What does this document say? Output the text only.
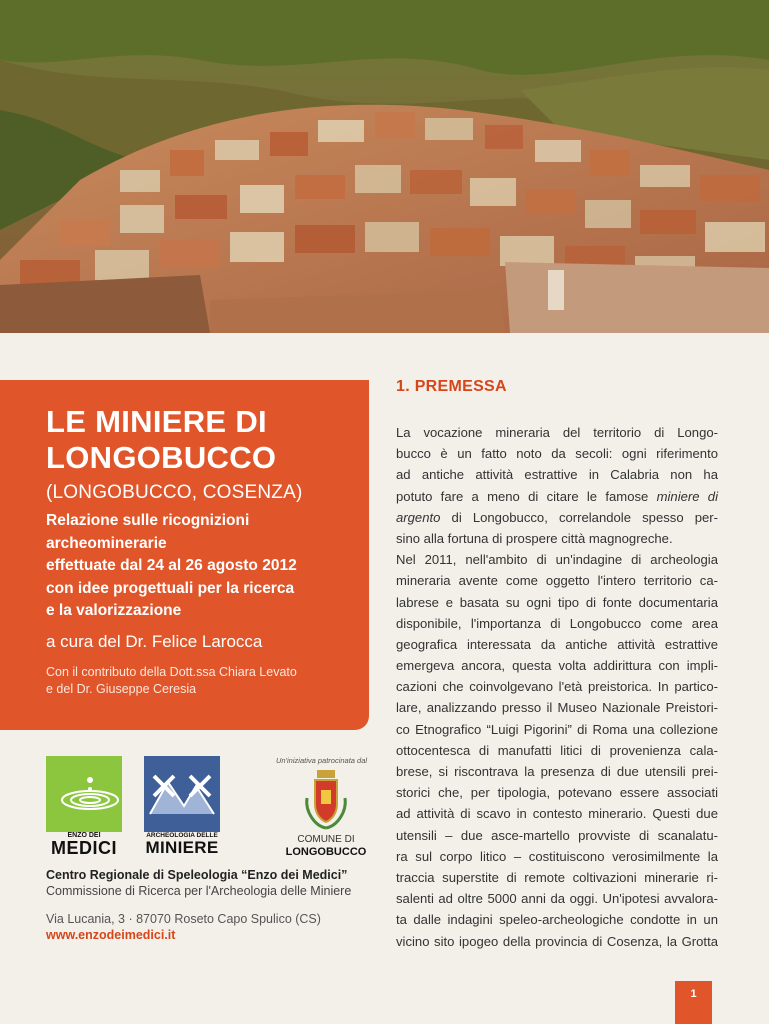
LE MINIERE DI
LONGOBUCCO
(LONGOBUCCO, COSENZA)
Relazione sulle ricognizioni
archeominerarie
effettuate dal 24 al 26 agosto 2012
con idee progettuali per la ricerca
e la valorizzazione
a cura del Dr. Felice Larocca
Con il contributo della Dott.ssa Chiara Levato
e del Dr. Giuseppe Ceresia
ENZO DEI
MEDICI
ARCHEOLOGIA DELLE
MINIERE
Un'iniziativa patrocinata dal
COMUNE DI
LONGOBUCCO
Centro Regionale di Speleologia “Enzo dei Medici”
Commissione di Ricerca per l'Archeologia delle Miniere
Via Lucania, 3 · 87070 Roseto Capo Spulico (CS)
www.enzodeimedici.it
1. PREMESSA
La vocazione mineraria del territorio di Longo-
bucco è un fatto noto da secoli: ogni riferimento
ad antiche attività estrattive in Calabria non ha
potuto fare a meno di citare le famose miniere di
argento di Longobucco, correlandole spesso per-
sino alla fortuna di prospere città magnogreche.
Nel 2011, nell'ambito di un'indagine di archeologia
mineraria avente come oggetto l'intero territorio ca-
labrese e basata su ogni tipo di fonte documentaria
disponibile, l'importanza di Longobucco come area
geografica interessata da antiche attività estrattive
emergeva ancora, questa volta addirittura con impli-
cazioni che coinvolgevano l'età preistorica. In partico-
lare, analizzando presso il Museo Nazionale Preistori-
co Etnografico “Luigi Pigorini” di Roma una collezione
ottocentesca di manufatti litici di provenienza cala-
brese, si riscontrava la presenza di due utensili prei-
storici che, per tipologia, potevano essere associati
ad attività di scavo in contesto minerario. Questi due
utensili – due asce-martello provviste di scanalatu-
ra sul corpo litico – costituiscono verosimilmente la
traccia superstite di remote coltivazioni minerarie ri-
salenti ad oltre 5000 anni da oggi. Un'ipotesi avvalora-
ta dalle indagini speleo-archeologiche condotte in un
vicino sito ipogeo della provincia di Cosenza, la Grotta
1
